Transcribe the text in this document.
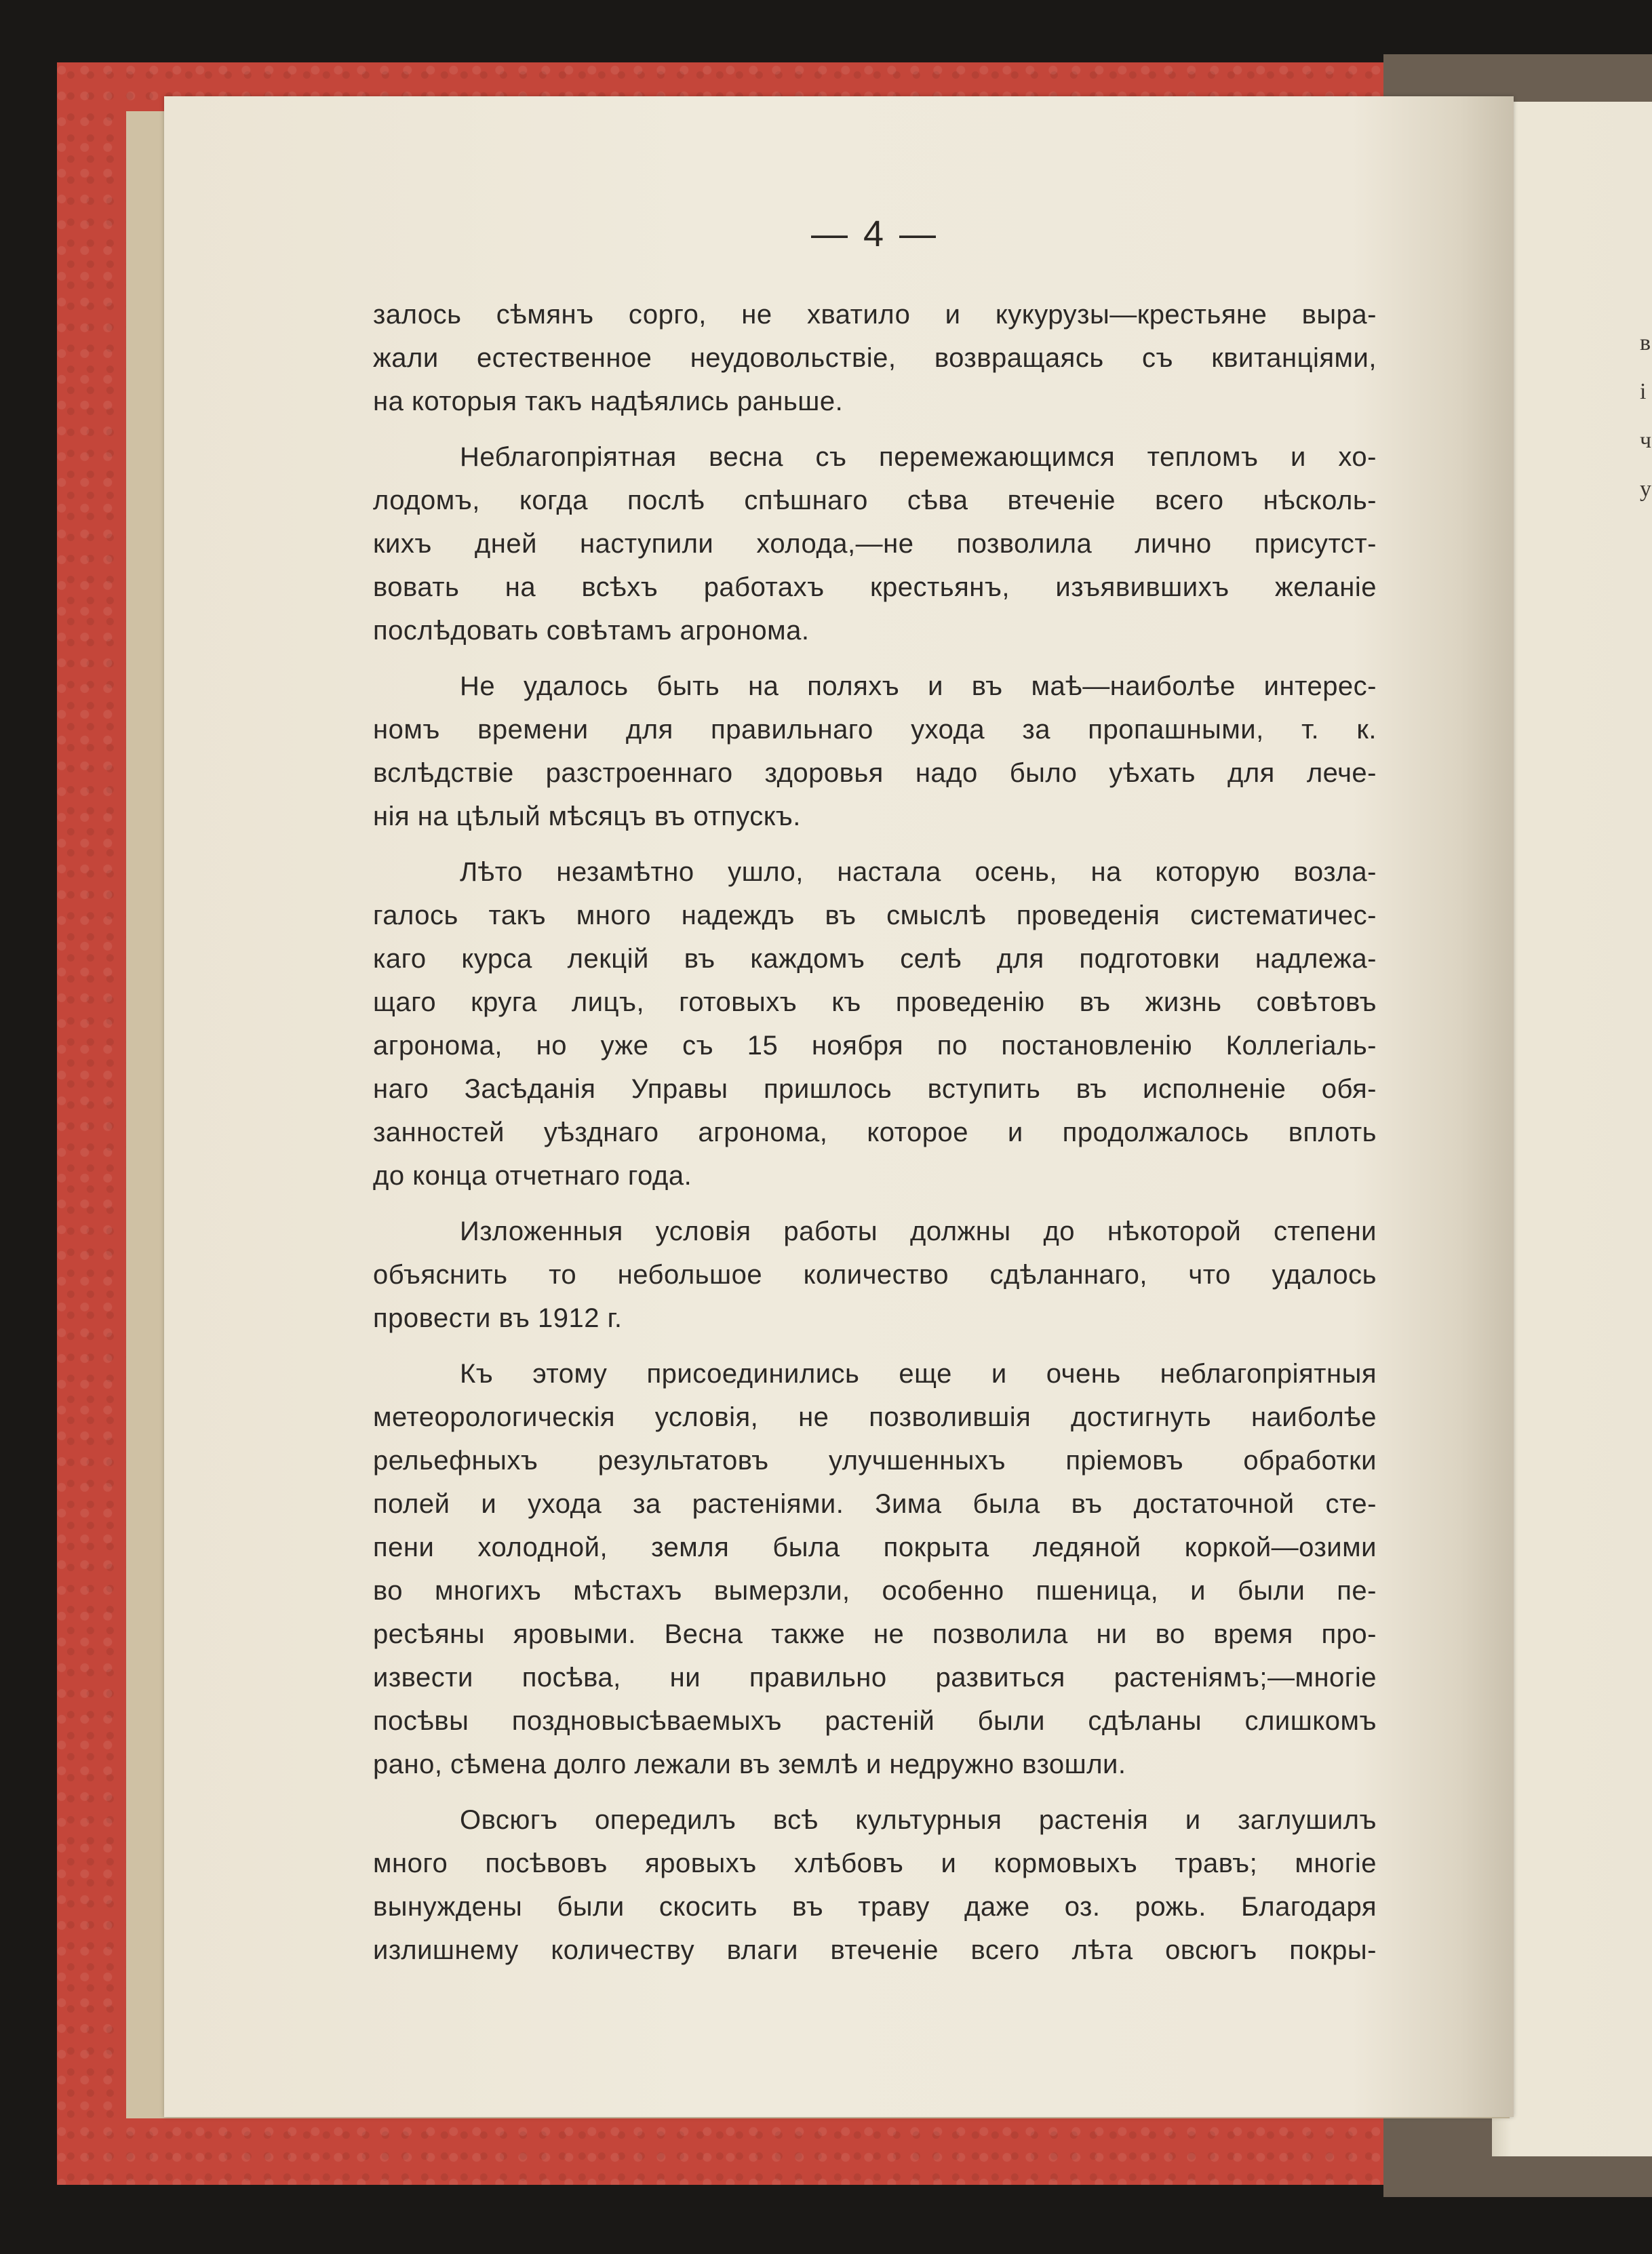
— 4 —
залось сѣмянъ сорго, не хватило и кукурузы—крестьяне выра-
жали естественное неудовольствіе, возвращаясь съ квитанціями,
на которыя такъ надѣялись раньше.
Неблагопріятная весна съ перемежающимся тепломъ и хо-
лодомъ, когда послѣ спѣшнаго сѣва втеченіе всего нѣсколь-
кихъ дней наступили холода,—не позволила лично присутст-
вовать на всѣхъ работахъ крестьянъ, изъявившихъ желаніе
послѣдовать совѣтамъ агронома.
Не удалось быть на поляхъ и въ маѣ—наиболѣе интерес-
номъ времени для правильнаго ухода за пропашными, т. к.
вслѣдствіе разстроеннаго здоровья надо было уѣхать для лече-
нія на цѣлый мѣсяцъ въ отпускъ.
Лѣто незамѣтно ушло, настала осень, на которую возла-
галось такъ много надеждъ въ смыслѣ проведенія систематичес-
каго курса лекцій въ каждомъ селѣ для подготовки надлежа-
щаго круга лицъ, готовыхъ къ проведенію въ жизнь совѣтовъ
агронома, но уже съ 15 ноября по постановленію Коллегіаль-
наго Засѣданія Управы пришлось вступить въ исполненіе обя-
занностей уѣзднаго агронома, которое и продолжалось вплоть
до конца отчетнаго года.
Изложенныя условія работы должны до нѣкоторой степени
объяснить то небольшое количество сдѣланнаго, что удалось
провести въ 1912 г.
Къ этому присоединились еще и очень неблагопріятныя
метеорологическія условія, не позволившія достигнуть наиболѣе
рельефныхъ результатовъ улучшенныхъ пріемовъ обработки
полей и ухода за растеніями. Зима была въ достаточной сте-
пени холодной, земля была покрыта ледяной коркой—озими
во многихъ мѣстахъ вымерзли, особенно пшеница, и были пе-
ресѣяны яровыми. Весна также не позволила ни во время про-
извести посѣва, ни правильно развиться растеніямъ;—многіе
посѣвы поздновысѣваемыхъ растеній были сдѣланы слишкомъ
рано, сѣмена долго лежали въ землѣ и недружно взошли.
Овсюгъ опередилъ всѣ культурныя растенія и заглушилъ
много посѣвовъ яровыхъ хлѣбовъ и кормовыхъ травъ; многіе
вынуждены были скосить въ траву даже оз. рожь. Благодаря
излишнему количеству влаги втеченіе всего лѣта овсюгъ покры-
в
і
ч
у
